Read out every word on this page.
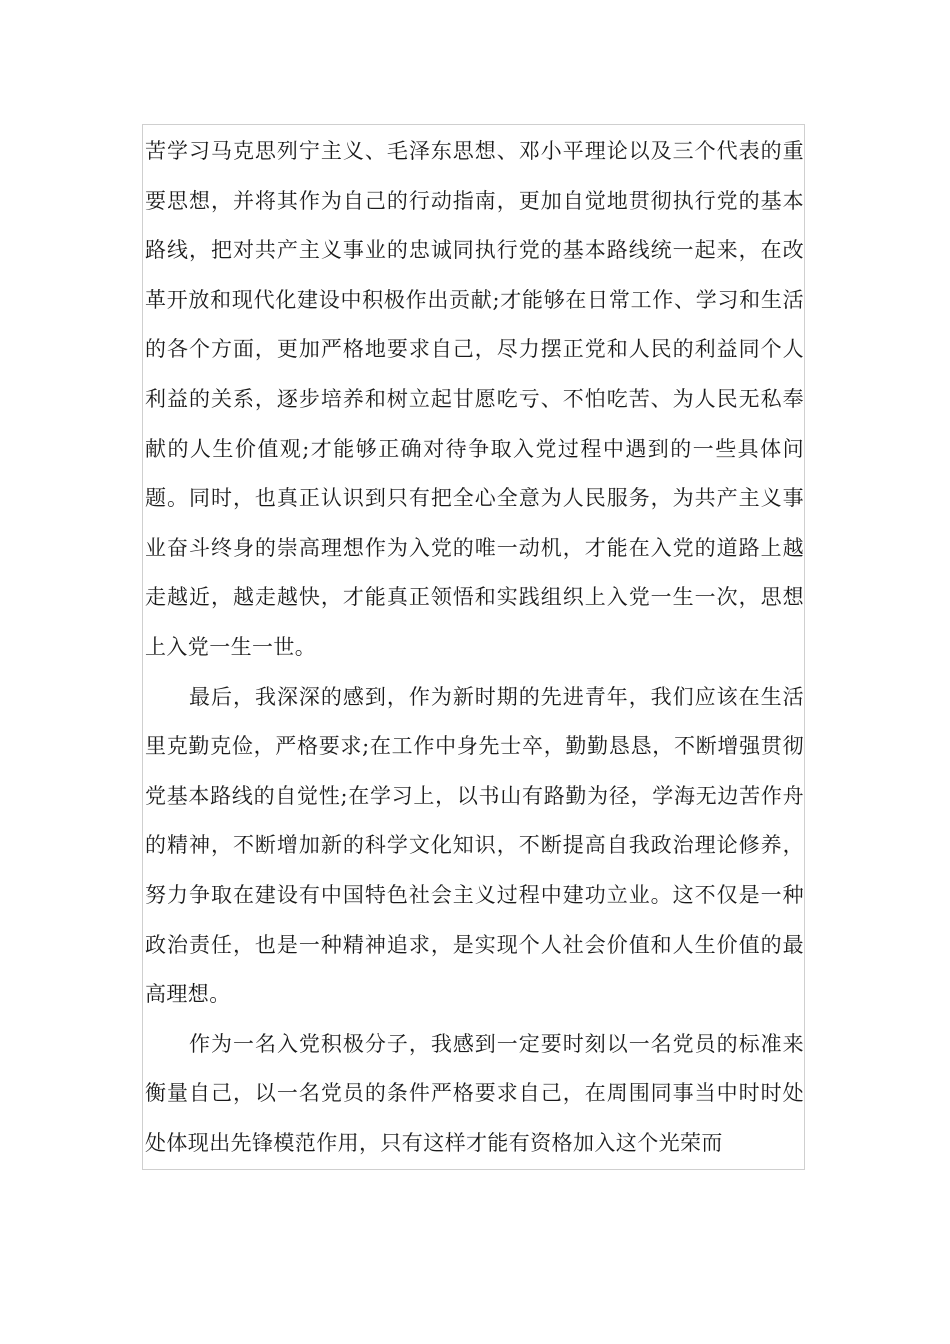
苦学习马克思列宁主义、毛泽东思想、邓小平理论以及三个代表的重要思想，并将其作为自己的行动指南，更加自觉地贯彻执行党的基本路线，把对共产主义事业的忠诚同执行党的基本路线统一起来，在改革开放和现代化建设中积极作出贡献;才能够在日常工作、学习和生活的各个方面，更加严格地要求自己，尽力摆正党和人民的利益同个人利益的关系，逐步培养和树立起甘愿吃亏、不怕吃苦、为人民无私奉献的人生价值观;才能够正确对待争取入党过程中遇到的一些具体问题。同时，也真正认识到只有把全心全意为人民服务，为共产主义事业奋斗终身的崇高理想作为入党的唯一动机，才能在入党的道路上越走越近，越走越快，才能真正领悟和实践组织上入党一生一次，思想上入党一生一世。

最后，我深深的感到，作为新时期的先进青年，我们应该在生活里克勤克俭，严格要求;在工作中身先士卒，勤勤恳恳，不断增强贯彻党基本路线的自觉性;在学习上，以书山有路勤为径，学海无边苦作舟的精神，不断增加新的科学文化知识，不断提高自我政治理论修养，努力争取在建设有中国特色社会主义过程中建功立业。这不仅是一种政治责任，也是一种精神追求，是实现个人社会价值和人生价值的最高理想。

作为一名入党积极分子，我感到一定要时刻以一名党员的标准来衡量自己，以一名党员的条件严格要求自己，在周围同事当中时时处处体现出先锋模范作用，只有这样才能有资格加入这个光荣而
